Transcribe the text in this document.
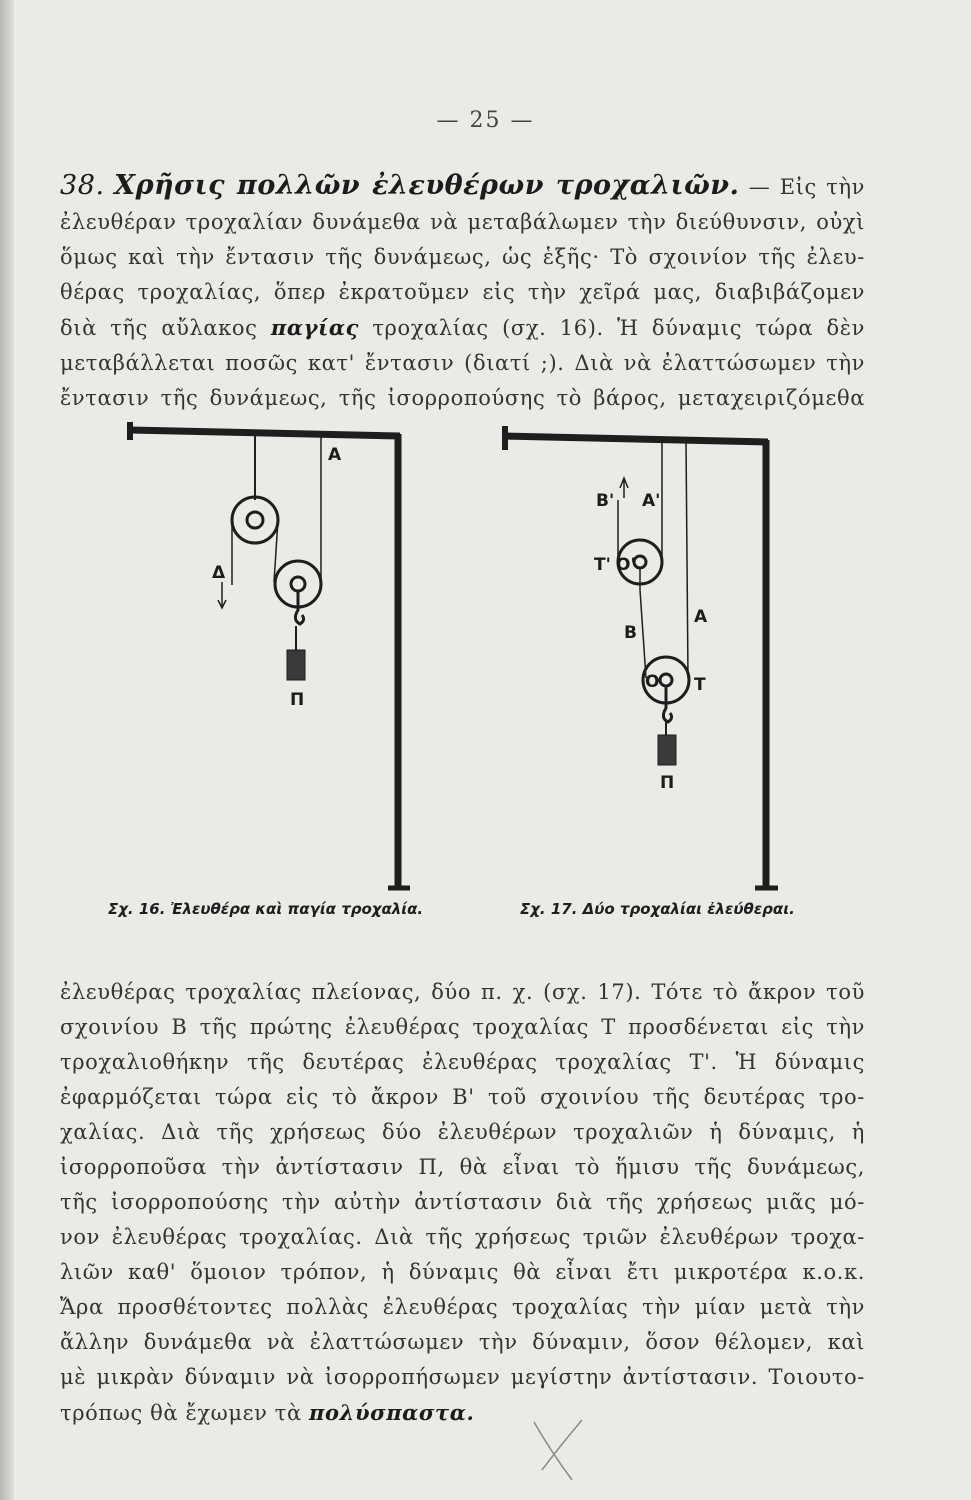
— 25 —
38. Χρῆσις πολλῶν ἐλευθέρων τροχαλιῶν. — Εἰς τὴν
ἐλευθέραν τροχαλίαν δυνάμεθα νὰ μεταβάλωμεν τὴν διεύθυνσιν, οὐχὶ
ὅμως καὶ τὴν ἔντασιν τῆς δυνάμεως, ὡς ἑξῆς· Τὸ σχοινίον τῆς ἐλευ-
θέρας τροχαλίας, ὅπερ ἐκρατοῦμεν εἰς τὴν χεῖρά μας, διαβιβάζομεν
διὰ τῆς αὔλακος παγίας τροχαλίας (σχ. 16). Ἡ δύναμις τώρα δὲν
μεταβάλλεται ποσῶς κατ' ἔντασιν (διατί ;). Διὰ νὰ ἐλαττώσωμεν τὴν
ἔντασιν τῆς δυνάμεως, τῆς ἰσορροπούσης τὸ βάρος, μεταχειριζόμεθα
Α
Δ
Π
Β' Α'
Τ' Ο'
Β
Α
Ο Τ
Π
Σχ. 16. Ἐλευθέρα καὶ παγία τροχαλία.	Σχ. 17. Δύο τροχαλίαι ἐλεύθεραι.
ἐλευθέρας τροχαλίας πλείονας, δύο π. χ. (σχ. 17). Τότε τὸ ἄκρον τοῦ
σχοινίου Β τῆς πρώτης ἐλευθέρας τροχαλίας Τ προσδένεται εἰς τὴν
τροχαλιοθήκην τῆς δευτέρας ἐλευθέρας τροχαλίας Τ'. Ἡ δύναμις
ἐφαρμόζεται τώρα εἰς τὸ ἄκρον Β' τοῦ σχοινίου τῆς δευτέρας τρο-
χαλίας. Διὰ τῆς χρήσεως δύο ἐλευθέρων τροχαλιῶν ἡ δύναμις, ἡ
ἰσορροποῦσα τὴν ἀντίστασιν Π, θὰ εἶναι τὸ ἥμισυ τῆς δυνάμεως,
τῆς ἰσορροπούσης τὴν αὐτὴν ἀντίστασιν διὰ τῆς χρήσεως μιᾶς μό-
νον ἐλευθέρας τροχαλίας. Διὰ τῆς χρήσεως τριῶν ἐλευθέρων τροχα-
λιῶν καθ' ὅμοιον τρόπον, ἡ δύναμις θὰ εἶναι ἔτι μικροτέρα κ.ο.κ.
Ἄρα προσθέτοντες πολλὰς ἐλευθέρας τροχαλίας τὴν μίαν μετὰ τὴν
ἄλλην δυνάμεθα νὰ ἐλαττώσωμεν τὴν δύναμιν, ὅσον θέλομεν, καὶ
μὲ μικρὰν δύναμιν νὰ ἰσορροπήσωμεν μεγίστην ἀντίστασιν. Τοιουτο-
τρόπως θὰ ἔχωμεν τὰ πολύσπαστα.
